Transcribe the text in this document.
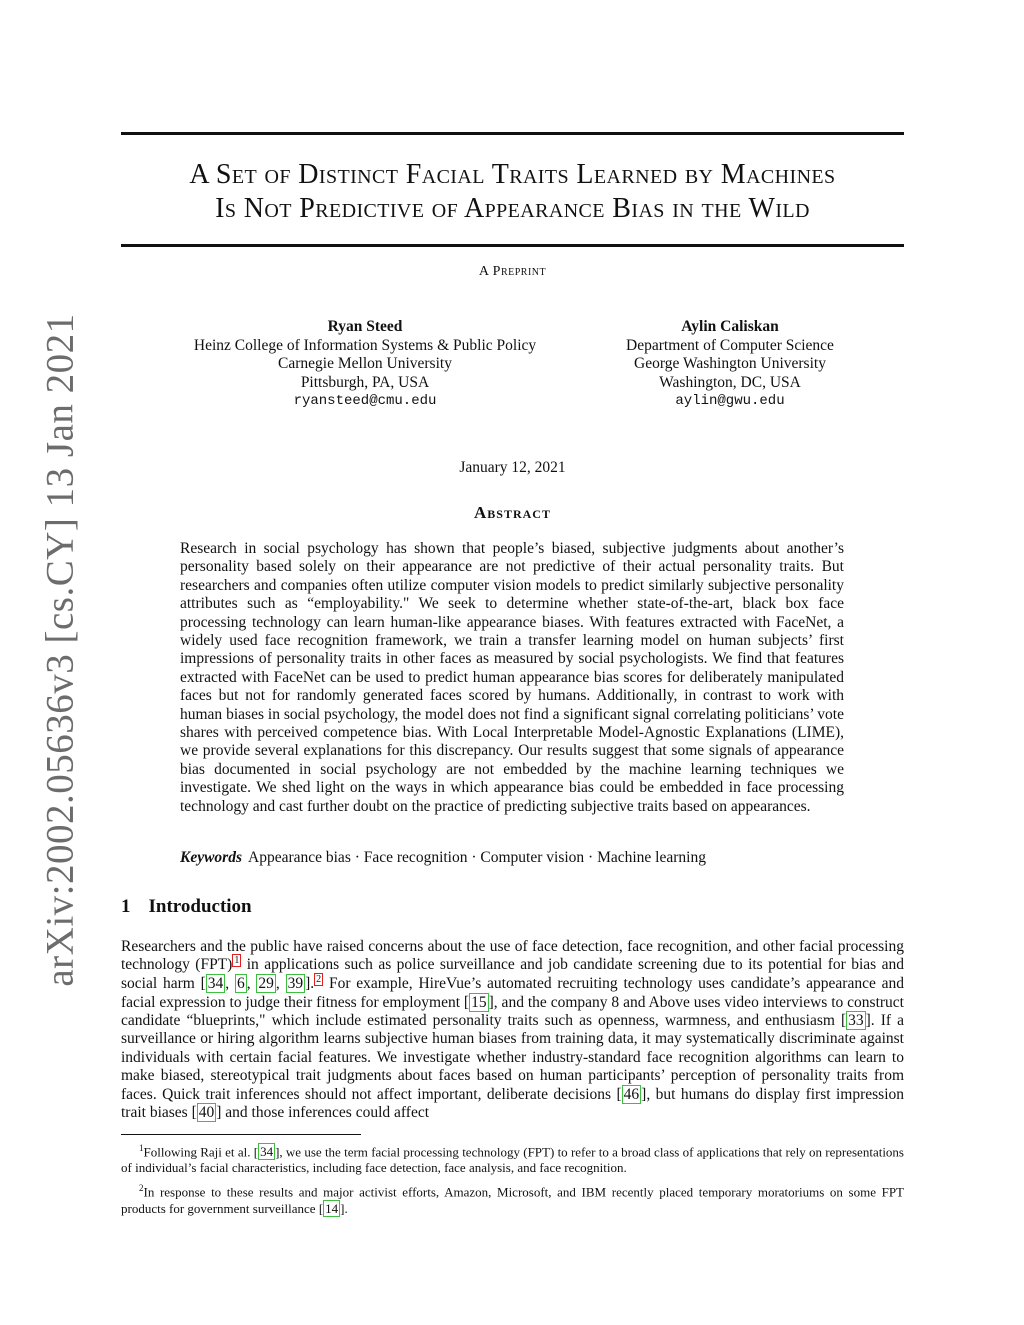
arXiv:2002.05636v3 [cs.CY] 13 Jan 2021
A Set of Distinct Facial Traits Learned by Machines
Is Not Predictive of Appearance Bias in the Wild
A Preprint
Ryan Steed
Heinz College of Information Systems & Public Policy
Carnegie Mellon University
Pittsburgh, PA, USA
ryansteed@cmu.edu
Aylin Caliskan
Department of Computer Science
George Washington University
Washington, DC, USA
aylin@gwu.edu
January 12, 2021
Abstract
Research in social psychology has shown that people’s biased, subjective judgments about another’s personality based solely on their appearance are not predictive of their actual personality traits. But researchers and companies often utilize computer vision models to predict similarly subjective personality attributes such as “employability." We seek to determine whether state-of-the-art, black box face processing technology can learn human-like appearance biases. With features extracted with FaceNet, a widely used face recognition framework, we train a transfer learning model on human subjects’ first impressions of personality traits in other faces as measured by social psychologists. We find that features extracted with FaceNet can be used to predict human appearance bias scores for deliberately manipulated faces but not for randomly generated faces scored by humans. Additionally, in contrast to work with human biases in social psychology, the model does not find a significant signal correlating politicians’ vote shares with perceived competence bias. With Local Interpretable Model-Agnostic Explanations (LIME), we provide several explanations for this discrepancy. Our results suggest that some signals of appearance bias documented in social psychology are not embedded by the machine learning techniques we investigate. We shed light on the ways in which appearance bias could be embedded in face processing technology and cast further doubt on the practice of predicting subjective traits based on appearances.
Keywords Appearance bias · Face recognition · Computer vision · Machine learning
1 Introduction
Researchers and the public have raised concerns about the use of face detection, face recognition, and other facial processing technology (FPT) $^1$ in applications such as police surveillance and job candidate screening due to its potential for bias and social harm [ 34 , 6 , 29 , 39 ]. $^2$ For example, HireVue’s automated recruiting technology uses candidate’s appearance and facial expression to judge their fitness for employment [ 15 ], and the company 8 and Above uses video interviews to construct candidate “blueprints," which include estimated personality traits such as openness, warmness, and enthusiasm [ 33 ]. If a surveillance or hiring algorithm learns subjective human biases from training data, it may systematically discriminate against individuals with certain facial features. We investigate whether industry-standard face recognition algorithms can learn to make biased, stereotypical trait judgments about faces based on human participants’ perception of personality traits from faces. Quick trait inferences should not affect important, deliberate decisions [ 46 ], but humans do display first impression trait biases [ 40 ] and those inferences could affect

$^1$Following Raji et al. [ 34 ], we use the term facial processing technology (FPT) to refer to a broad class of applications that rely on representations of individual’s facial characteristics, including face detection, face analysis, and face recognition.

$^2$In response to these results and major activist efforts, Amazon, Microsoft, and IBM recently placed temporary moratoriums on some FPT products for government surveillance [ 14 ].
